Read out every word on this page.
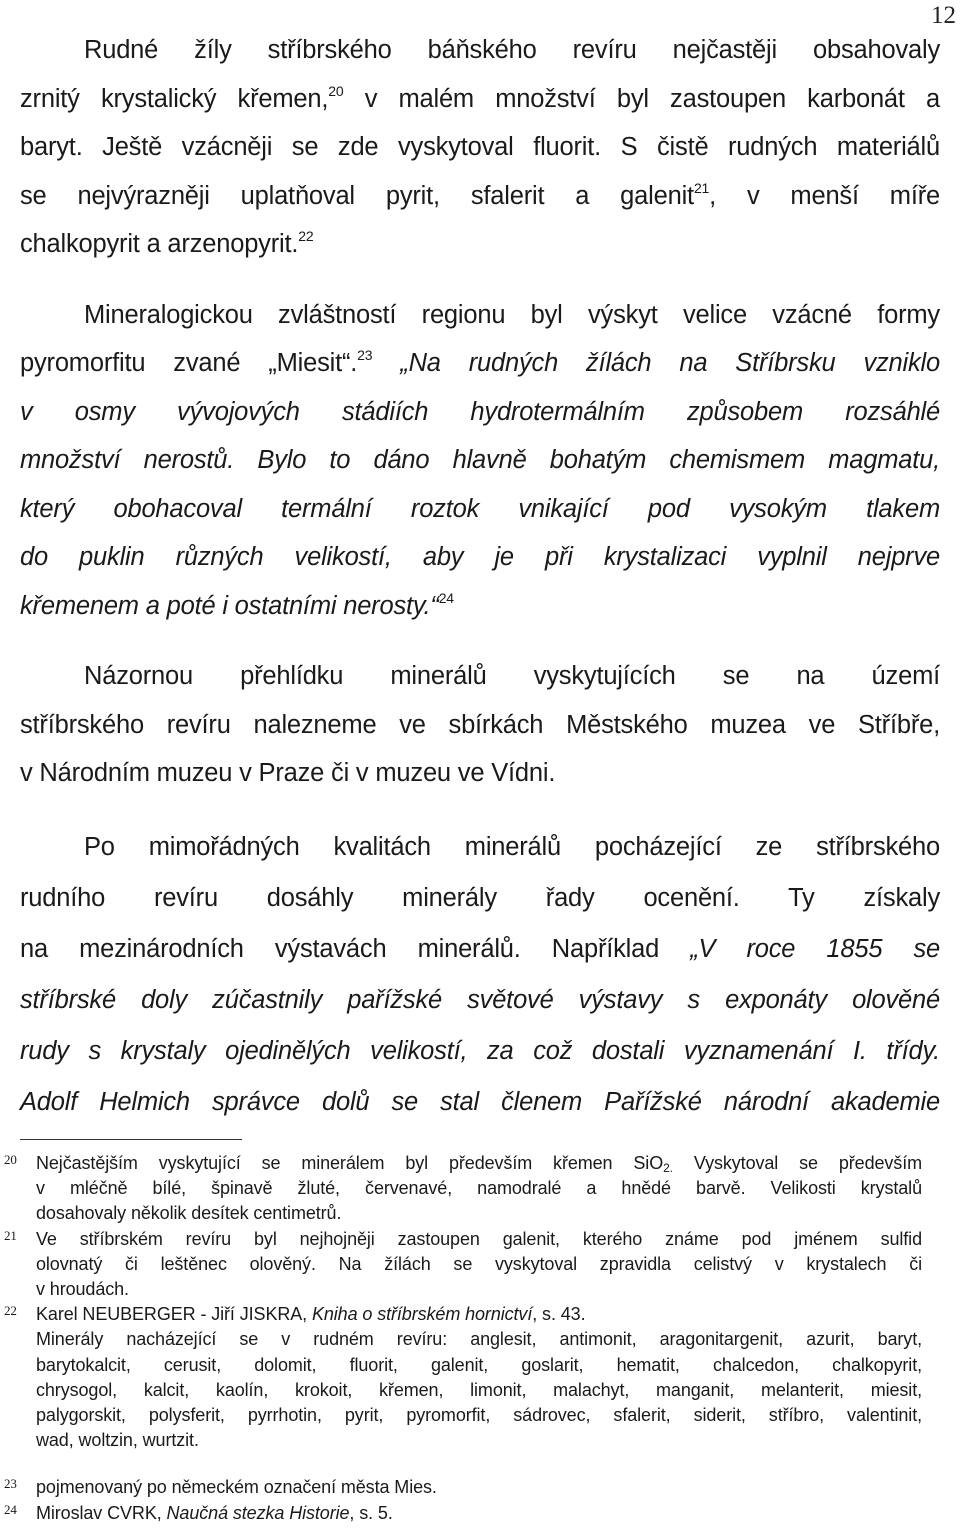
12
Rudné žíly stříbrského báňského revíru nejčastěji obsahovaly
zrnitý krystalický křemen,$^{20}$ v malém množství byl zastoupen karbonát a
baryt. Ještě vzácněji se zde vyskytoval fluorit. S čistě rudných materiálů
se nejvýrazněji uplatňoval pyrit, sfalerit a galenit$^{21}$, v menší míře
chalkopyrit a arzenopyrit.$^{22}$
Mineralogickou zvláštností regionu byl výskyt velice vzácné formy
pyromorfitu zvané „Miesit“.$^{23}$ „Na rudných žílách na Stříbrsku vzniklo
v osmy vývojových stádiích hydrotermálním způsobem rozsáhlé
množství nerostů. Bylo to dáno hlavně bohatým chemismem magmatu,
který obohacoval termální roztok vnikající pod vysokým tlakem
do puklin různých velikostí, aby je při krystalizaci vyplnil nejprve
křemenem a poté i ostatními nerosty.“$^{24}$
Názornou přehlídku minerálů vyskytujících se na území
stříbrského revíru nalezneme ve sbírkách Městského muzea ve Stříbře,
v Národním muzeu v Praze či v muzeu ve Vídni.
Po mimořádných kvalitách minerálů pocházející ze stříbrského
rudního revíru dosáhly minerály řady ocenění. Ty získaly
na mezinárodních výstavách minerálů. Například „V roce 1855 se
stříbrské doly zúčastnily pařížské světové výstavy s exponáty olověné
rudy s krystaly ojedinělých velikostí, za což dostali vyznamenání I. třídy.
Adolf Helmich správce dolů se stal členem Pařížské národní akademie
20 Nejčastějším vyskytující se minerálem byl především křemen SiO$_{2.}$ Vyskytoval se především
v mléčně bílé, špinavě žluté, červenavé, namodralé a hnědé barvě. Velikosti krystalů
dosahovaly několik desítek centimetrů.
21 Ve stříbrském revíru byl nejhojněji zastoupen galenit, kterého známe pod jménem sulfid
olovnatý či leštěnec olověný. Na žílách se vyskytoval zpravidla celistvý v krystalech či
v hroudách.
22 Karel NEUBERGER - Jiří JISKRA, Kniha o stříbrském hornictví, s. 43.
Minerály nacházející se v rudném revíru: anglesit, antimonit, aragonitargenit, azurit, baryt,
barytokalcit, cerusit, dolomit, fluorit, galenit, goslarit, hematit, chalcedon, chalkopyrit,
chrysogol, kalcit, kaolín, krokoit, křemen, limonit, malachyt, manganit, melanterit, miesit,
palygorskit, polysferit, pyrrhotin, pyrit, pyromorfit, sádrovec, sfalerit, siderit, stříbro, valentinit,
wad, woltzin, wurtzit.
23 pojmenovaný po německém označení města Mies.
24 Miroslav CVRK, Naučná stezka Historie, s. 5.
